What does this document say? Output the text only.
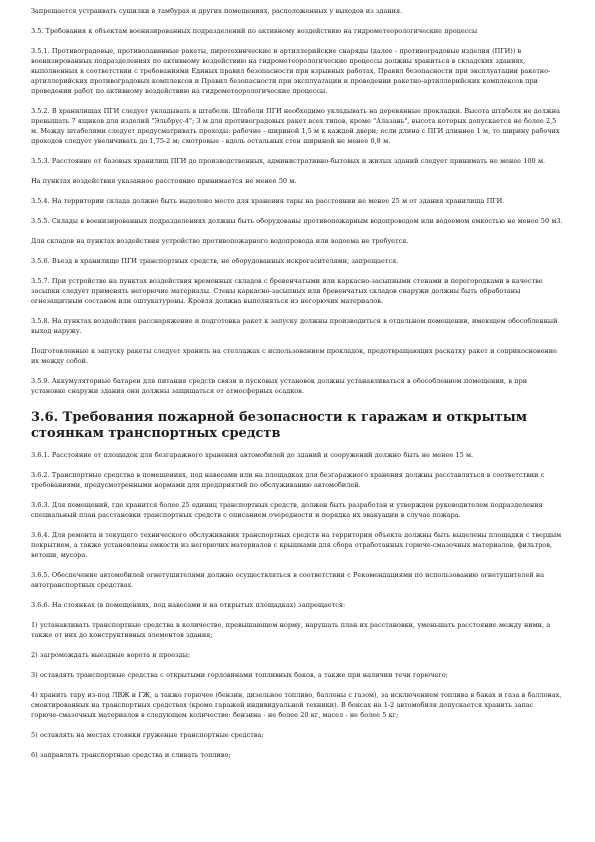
Запрещается устраивать сушилки в тамбурах и других помещениях, расположенных у выходов из здания.

3.5. Требования к объектам военизированных подразделений по активному воздействию на гидрометеорологические процессы

3.5.1. Противоградовые, противолавинные ракеты, пиротехнические и артиллерийские снаряды (далее - противоградовые изделия (ПГИ)) в военизированных подразделениях по активному воздействию на гидрометеорологические процессы должны храниться в складских зданиях, выполненных в соответствии с требованиями Единых правил безопасности при взрывных работах, Правил безопасности при эксплуатации ракетно-артиллерийских противоградовых комплексов и Правил безопасности при эксплуатации и проведении ракетно-артиллерийских комплексов при проведении работ по активному воздействию на гидрометеорологические процессы.

3.5.2. В хранилищах ПГИ следует укладывать в штабели. Штабели ПГИ необходимо укладывать на деревянные прокладки. Высота штабеля не должна превышать 7 ящиков для изделий "Эльбрус-4"; 3 м для противоградовых ракет всех типов, кроме "Алазань", высота которых допускается не более 2,5 м. Между штабелями следует предусматривать проходы: рабочие - шириной 1,5 м к каждой двери; если длина с ПГИ длиннее 1 м, то ширину рабочих проходов следует увеличивать до 1,75-2 м; смотровые - вдоль остальных стен шириной не менее 0,8 м.

3.5.3. Расстояние от базовых хранилищ ПГИ до производственных, административно-бытовых и жилых зданий следует принимать не менее 100 м.

На пунктах воздействия указанное расстояние принимается не менее 50 м.

3.5.4. На территории склада должно быть выделено место для хранения тары на расстоянии не менее 25 м от здания хранилища ПГИ.

3.5.5. Склады в военизированных подразделениях должны быть оборудованы противопожарным водопроводом или водоемом емкостью не менее 50 м3.

Для складов на пунктах воздействия устройство противопожарного водопровода или водоема не требуется.

3.5.6. Въезд в хранилище ПГИ транспортных средств, не оборудованных искрогасителями, запрещается.

3.5.7. При устройстве на пунктах воздействия временных складов с бревенчатыми или каркасно-засыпными стенами и перегородками в качестве засыпки следует применять негорючие материалы. Стены каркасно-засыпных или бревенчатых складов снаружи должны быть обработаны огнезащитным составом или оштукатурены. Кровля должна выполняться из негорючих материалов.

3.5.8. На пунктах воздействия расснаряжение и подготовка ракет к запуску должны производиться в отдельном помещении, имеющем обособленный выход наружу.

Подготовленные к запуску ракеты следует хранить на стеллажах с использованием прокладок, предотвращающих раскатку ракет и соприкосновение их между собой.

3.5.9. Аккумуляторные батареи для питания средств связи и пусковых установок должны устанавливаться в обособленном помещении, в при установке снаружи здания они должны защищаться от атмосферных осадков.

3.6. Требования пожарной безопасности к гаражам и открытым стоянкам транспортных средств

3.6.1. Расстояние от площадок для безгаражного хранения автомобилей до зданий и сооружений должно быть не менее 15 м.

3.6.2. Транспортные средства в помещениях, под навесами или на площадках для безгаражного хранения должны расставляться в соответствии с требованиями, предусмотренными нормами для предприятий по обслуживанию автомобилей.

3.6.3. Для помещений, где хранится более 25 единиц транспортных средств, должен быть разработан и утвержден руководителем подразделения специальный план расстановки транспортных средств с описанием очередности и порядка их эвакуации в случае пожара.

3.6.4. Для ремонта и текущего технического обслуживания транспортных средств на территории объекта должны быть выделены площадки с твердым покрытием, а также установлены емкости из негорючих материалов с крышками для сбора отработанных горюче-смазочных материалов, фильтров, ветоши, мусора.

3.6.5. Обеспечение автомобилей огнетушителями должно осуществляться в соответствии с Рекомендациями по использованию огнетушителей на автотранспортных средствах.

3.6.6. На стоянках (в помещениях, под навесами и на открытых площадках) запрещается:

1) устанавливать транспортные средства в количестве, превышающем норму, нарушать план их расстановки, уменьшать расстояние между ними, а также от них до конструктивных элементов здания;

2) загромождать выездные ворота и проезды;

3) оставлять транспортные средства с открытыми горловинами топливных баков, а также при наличии течи горючего;

4) хранить тару из-под ЛВЖ и ГЖ, а также горючее (бензин, дизельное топливо, баллоны с газом), за исключением топлива в баках и газа в баллонах, смонтированных на транспортных средствах (кроме гаражей индивидуальной техники). В боксах на 1-2 автомобиля допускается хранить запас горюче-смазочных материалов в следующем количестве: бензина - не более 20 кг, масел - не более 5 кг;

5) оставлять на местах стоянки груженые транспортные средства;

6) заправлять транспортные средства и сливать топливо;
